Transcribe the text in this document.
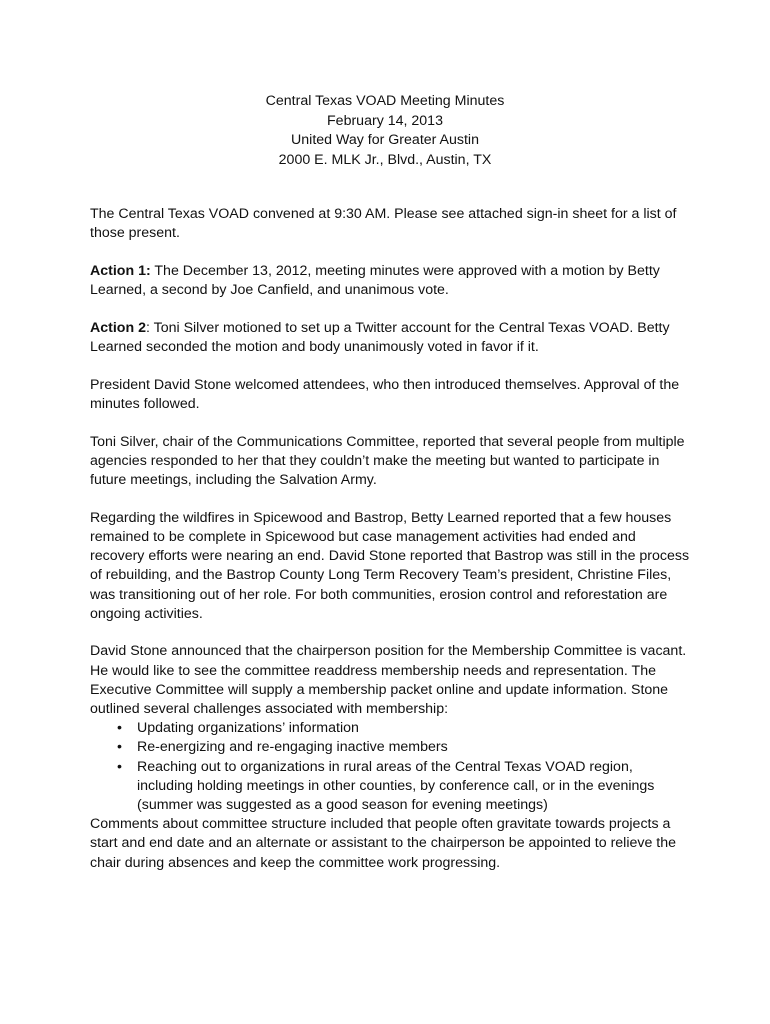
Central Texas VOAD Meeting Minutes
February 14, 2013
United Way for Greater Austin
2000 E. MLK Jr., Blvd., Austin, TX

The Central Texas VOAD convened at 9:30 AM. Please see attached sign-in sheet for a list of those present.

Action 1: The December 13, 2012, meeting minutes were approved with a motion by Betty Learned, a second by Joe Canfield, and unanimous vote.

Action 2: Toni Silver motioned to set up a Twitter account for the Central Texas VOAD. Betty Learned seconded the motion and body unanimously voted in favor if it.

President David Stone welcomed attendees, who then introduced themselves. Approval of the minutes followed.

Toni Silver, chair of the Communications Committee, reported that several people from multiple agencies responded to her that they couldn’t make the meeting but wanted to participate in future meetings, including the Salvation Army.

Regarding the wildfires in Spicewood and Bastrop, Betty Learned reported that a few houses remained to be complete in Spicewood but case management activities had ended and recovery efforts were nearing an end. David Stone reported that Bastrop was still in the process of rebuilding, and the Bastrop County Long Term Recovery Team’s president, Christine Files, was transitioning out of her role. For both communities, erosion control and reforestation are ongoing activities.

David Stone announced that the chairperson position for the Membership Committee is vacant. He would like to see the committee readdress membership needs and representation. The Executive Committee will supply a membership packet online and update information. Stone outlined several challenges associated with membership:

• Updating organizations’ information
• Re-energizing and re-engaging inactive members
• Reaching out to organizations in rural areas of the Central Texas VOAD region, including holding meetings in other counties, by conference call, or in the evenings (summer was suggested as a good season for evening meetings)

Comments about committee structure included that people often gravitate towards projects a start and end date and an alternate or assistant to the chairperson be appointed to relieve the chair during absences and keep the committee work progressing.
